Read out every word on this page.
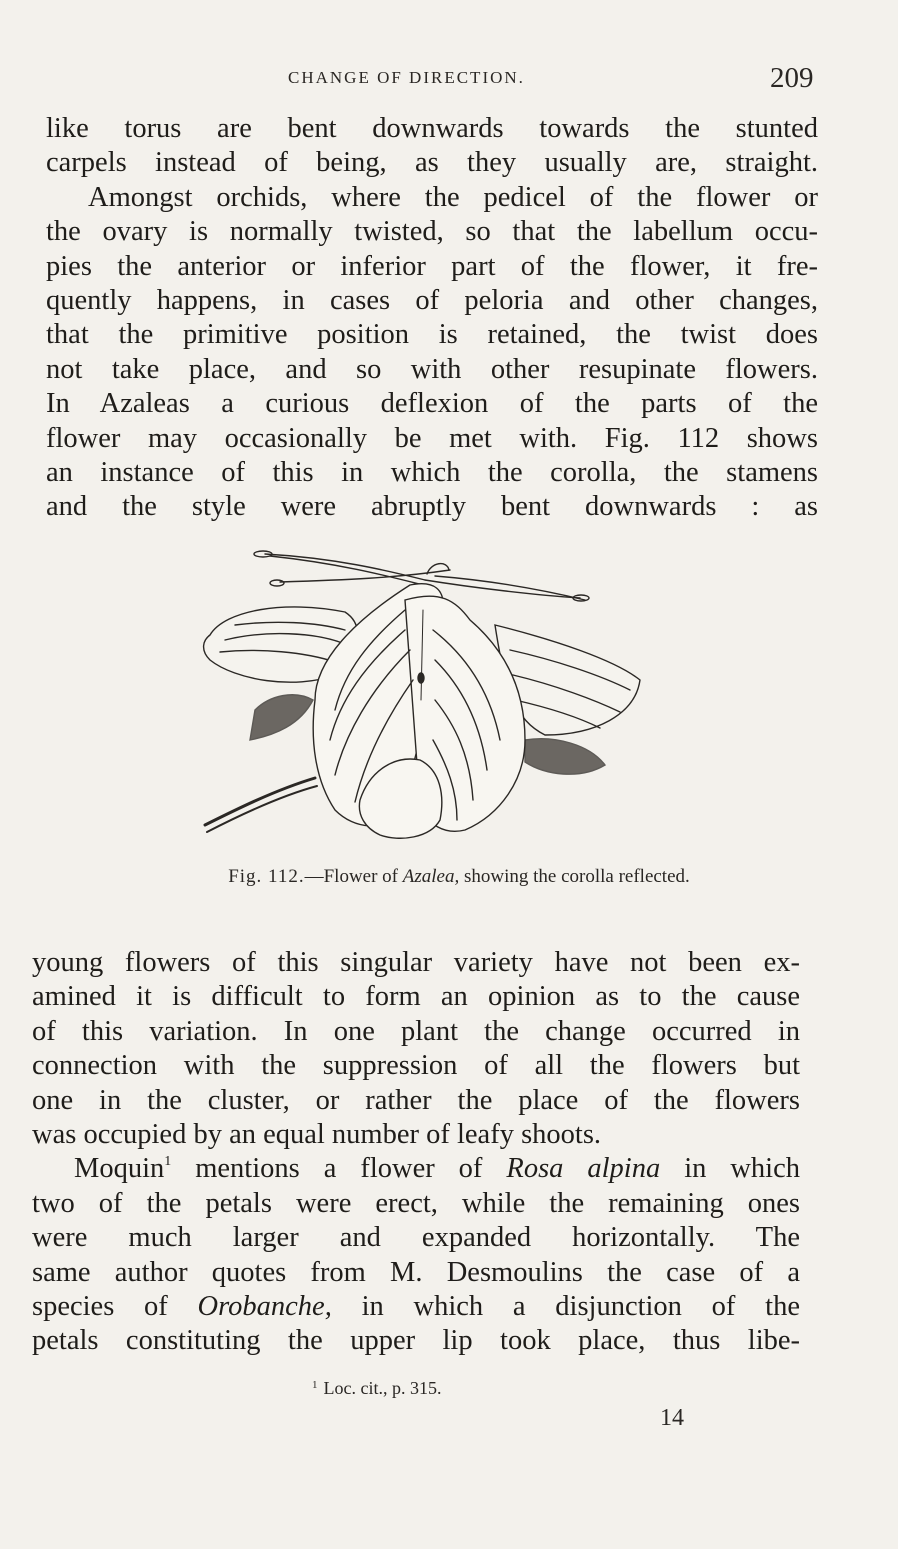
CHANGE OF DIRECTION.	209
like torus are bent downwards towards the stunted
carpels instead of being, as they usually are, straight.
Amongst orchids, where the pedicel of the flower or
the ovary is normally twisted, so that the labellum occu-
pies the anterior or inferior part of the flower, it fre-
quently happens, in cases of peloria and other changes,
that the primitive position is retained, the twist does
not take place, and so with other resupinate flowers.
In Azaleas a curious deflexion of the parts of the
flower may occasionally be met with. Fig. 112 shows
an instance of this in which the corolla, the stamens
and the style were abruptly bent downwards : as
Fig. 112.—Flower of Azalea, showing the corolla reflected.
young flowers of this singular variety have not been ex-
amined it is difficult to form an opinion as to the cause
of this variation. In one plant the change occurred in
connection with the suppression of all the flowers but
one in the cluster, or rather the place of the flowers
was occupied by an equal number of leafy shoots.
Moquin$^1$ mentions a flower of Rosa alpina in which
two of the petals were erect, while the remaining ones
were much larger and expanded horizontally. The
same author quotes from M. Desmoulins the case of a
species of Orobanche, in which a disjunction of the
petals constituting the upper lip took place, thus libe-
$^1$ Loc. cit., p. 315.
14
